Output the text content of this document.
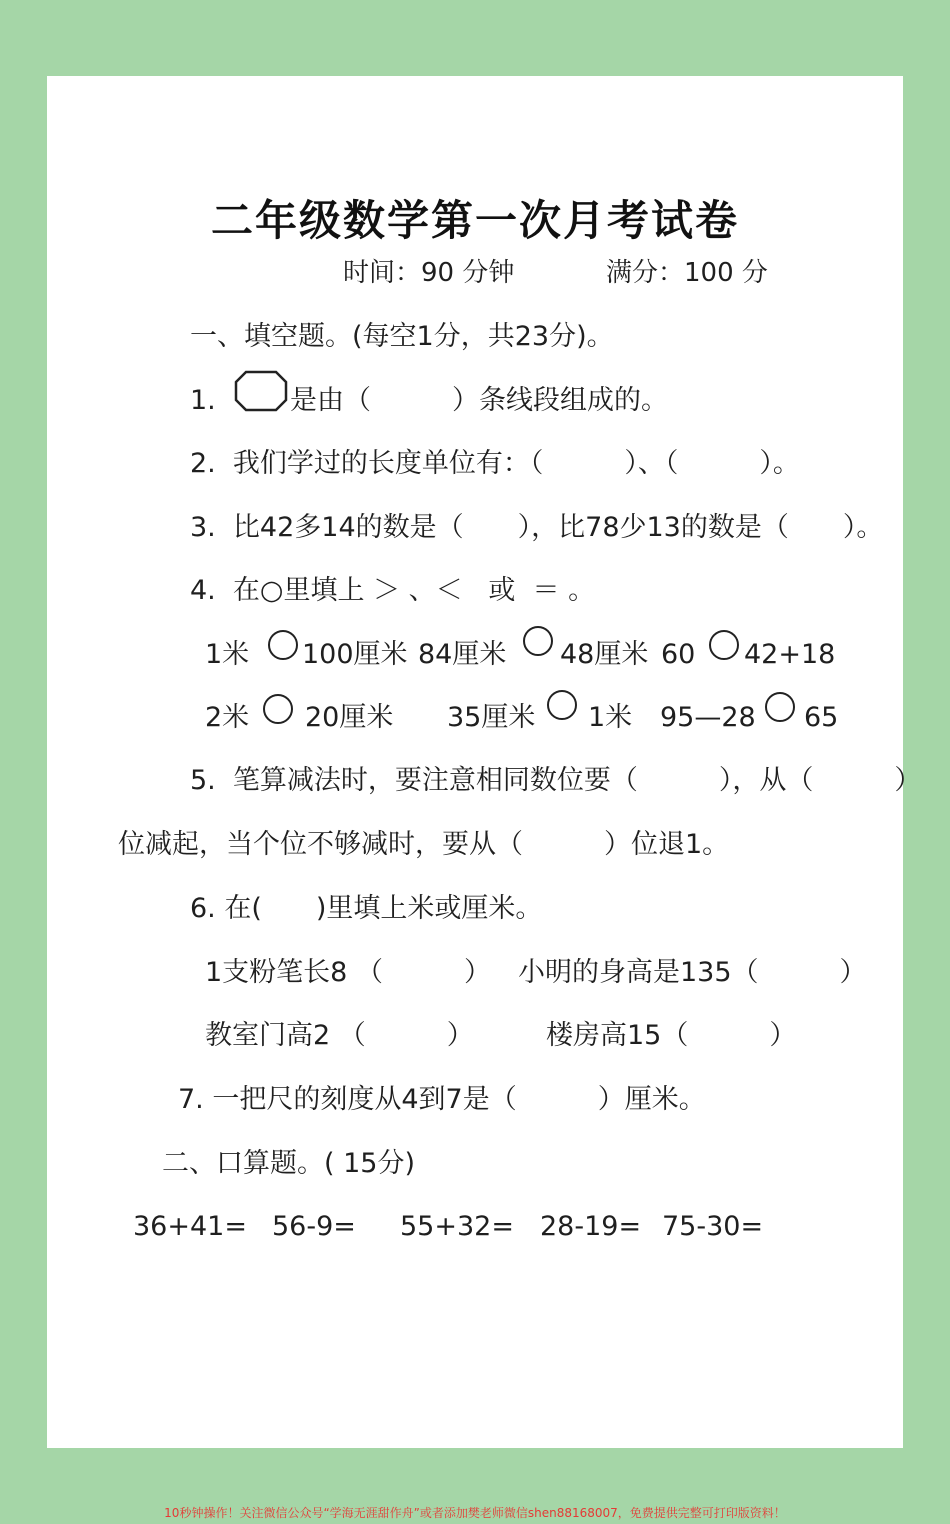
二年级数学第一次月考试卷
时间：90 分钟	满分：100 分
一、填空题。(每空1分，共23分)。
1.	是由（　　　）条线段组成的。
2.  我们学过的长度单位有：（　　　）、（　　　）。
3.  比42多14的数是（　　），比78少13的数是（　　）。
4.  在○里填上 ＞ 、＜   或  ＝ 。
1米 100厘米 84厘米 48厘米 60 42+18
2米 20厘米 35厘米 1米 95—28 65
5.  笔算减法时，要注意相同数位要（　　　），从（　　　）
位减起，当个位不够减时，要从（　　　）位退1。
6. 在(　　)里填上米或厘米。
1支粉笔长8 （　　　） 小明的身高是135（　　　）
教室门高2 （　　　）	楼房高15（　　　）
7. 一把尺的刻度从4到7是（　　　）厘米。
二、口算题。( 15分)
36+41= 56-9= 55+32= 28-19= 75-30=
10秒钟操作！关注微信公众号“学海无涯甜作舟”或者添加樊老师微信shen88168007，免费提供完整可打印版资料！
